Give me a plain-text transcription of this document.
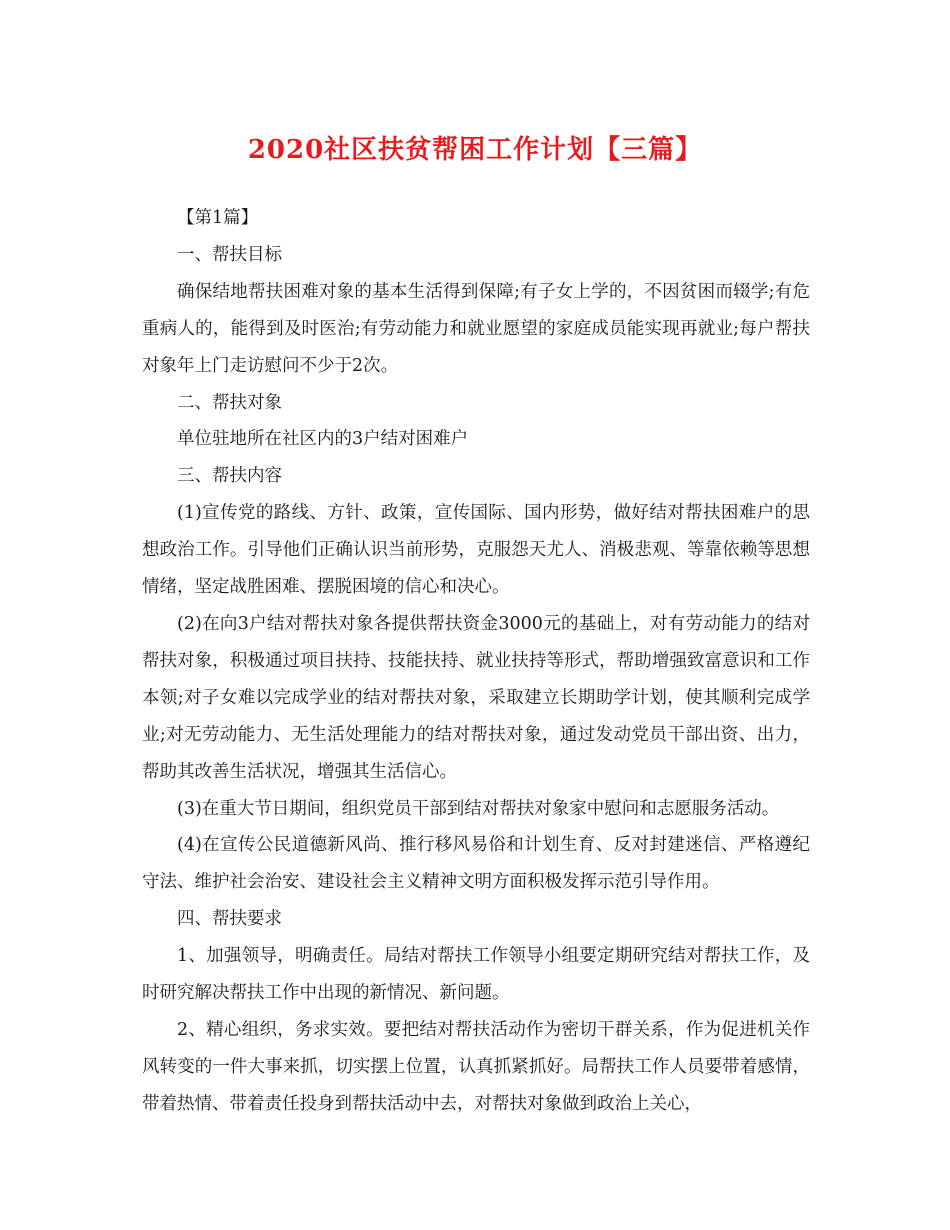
2020社区扶贫帮困工作计划【三篇】

【第1篇】

一、帮扶目标

确保结地帮扶困难对象的基本生活得到保障;有子女上学的，不因贫困而辍学;有危重病人的，能得到及时医治;有劳动能力和就业愿望的家庭成员能实现再就业;每户帮扶对象年上门走访慰问不少于2次。

二、帮扶对象

单位驻地所在社区内的3户结对困难户

三、帮扶内容

(1)宣传党的路线、方针、政策，宣传国际、国内形势，做好结对帮扶困难户的思想政治工作。引导他们正确认识当前形势，克服怨天尤人、消极悲观、等靠依赖等思想情绪，坚定战胜困难、摆脱困境的信心和决心。

(2)在向3户结对帮扶对象各提供帮扶资金3000元的基础上，对有劳动能力的结对帮扶对象，积极通过项目扶持、技能扶持、就业扶持等形式，帮助增强致富意识和工作本领;对子女难以完成学业的结对帮扶对象，采取建立长期助学计划，使其顺利完成学业;对无劳动能力、无生活处理能力的结对帮扶对象，通过发动党员干部出资、出力，帮助其改善生活状况，增强其生活信心。

(3)在重大节日期间，组织党员干部到结对帮扶对象家中慰问和志愿服务活动。

(4)在宣传公民道德新风尚、推行移风易俗和计划生育、反对封建迷信、严格遵纪守法、维护社会治安、建设社会主义精神文明方面积极发挥示范引导作用。

四、帮扶要求

1、加强领导，明确责任。局结对帮扶工作领导小组要定期研究结对帮扶工作，及时研究解决帮扶工作中出现的新情况、新问题。

2、精心组织，务求实效。要把结对帮扶活动作为密切干群关系，作为促进机关作风转变的一件大事来抓，切实摆上位置，认真抓紧抓好。局帮扶工作人员要带着感情，带着热情、带着责任投身到帮扶活动中去，对帮扶对象做到政治上关心，
